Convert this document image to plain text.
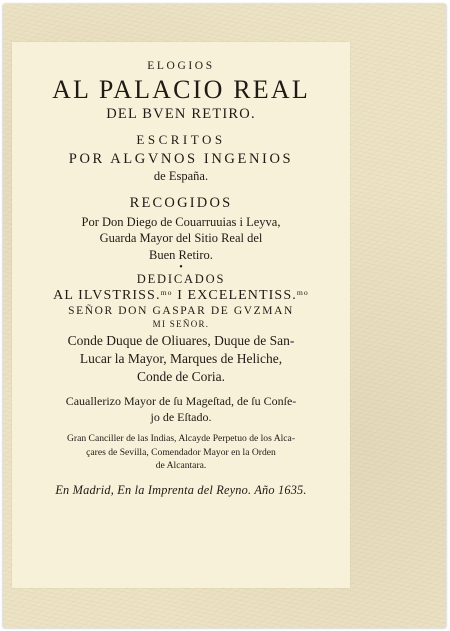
ELOGIOS
AL PALACIO REAL
DEL BVEN RETIRO.
ESCRITOS
POR ALGVNOS INGENIOS
de España.
RECOGIDOS
Por Don Diego de Couarruuias i Leyva,
Guarda Mayor del Sitio Real del
Buen Retiro.
•
DEDICADOS
AL ILVSTRISS.$^{mo}$ I EXCELENTISS.$^{mo}$
SEÑOR DON GASPAR DE GVZMAN
MI SEÑOR.
Conde Duque de Oliuares, Duque de San-
Lucar la Mayor, Marques de Heliche,
Conde de Coria.
Cauallerizo Mayor de ſu Mageſtad, de ſu Conſe-
jo de Eſtado.
Gran Canciller de las Indias, Alcayde Perpetuo de los Alca-
çares de Sevilla, Comendador Mayor en la Orden
de Alcantara.
En Madrid, En la Imprenta del Reyno. Año 1635.
